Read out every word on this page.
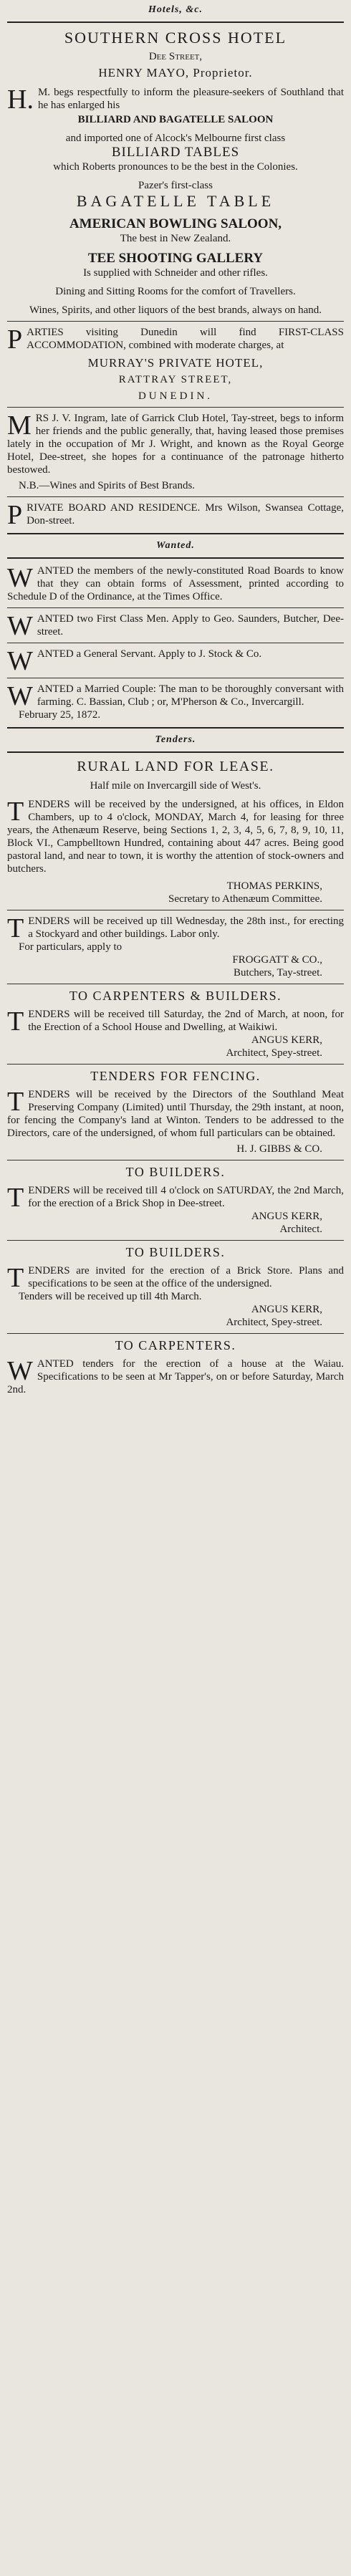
Hotels, &c.
SOUTHERN CROSS HOTEL
Dee Street,
HENRY MAYO, Proprietor.

H. M. begs respectfully to inform the pleasure-seekers of Southland that he has enlarged his

BILLIARD AND BAGATELLE SALOON
and imported one of Alcock's Melbourne first class
BILLIARD TABLES
which Roberts pronounces to be the best in the Colonies.
Pazer's first-class
BAGATELLE TABLE
AMERICAN BOWLING SALOON,
The best in New Zealand.
TEE SHOOTING GALLERY
Is supplied with Schneider and other rifles.
Dining and Sitting Rooms for the comfort of Travellers.
Wines, Spirits, and other liquors of the best brands, always on hand.

PARTIES visiting Dunedin will find FIRST-CLASS ACCOMMODATION, combined with moderate charges, at

MURRAY'S PRIVATE HOTEL,
RATTRAY STREET,
DUNEDIN.

MRS J. V. Ingram, late of Garrick Club Hotel, Tay-street, begs to inform her friends and the public generally, that, having leased those premises lately in the occupation of Mr J. Wright, and known as the Royal George Hotel, Dee-street, she hopes for a continuance of the patronage hitherto bestowed.

N.B.—Wines and Spirits of Best Brands.

PRIVATE BOARD AND RESIDENCE. Mrs Wilson, Swansea Cottage, Don-street.

Wanted.

WANTED the members of the newly-constituted Road Boards to know that they can obtain forms of Assessment, printed according to Schedule D of the Ordinance, at the Times Office.

WANTED two First Class Men. Apply to Geo. Saunders, Butcher, Dee-street.

WANTED a General Servant. Apply to J. Stock & Co.

WANTED a Married Couple: The man to be thoroughly conversant with farming. C. Bassian, Club ; or, M'Pherson & Co., Invercargill.

February 25, 1872.

Tenders.
RURAL LAND FOR LEASE.
Half mile on Invercargill side of West's.

TENDERS will be received by the undersigned, at his offices, in Eldon Chambers, up to 4 o'clock, MONDAY, March 4, for leasing for three years, the Athenæum Reserve, being Sections 1, 2, 3, 4, 5, 6, 7, 8, 9, 10, 11, Block VI., Campbelltown Hundred, containing about 447 acres. Being good pastoral land, and near to town, it is worthy the attention of stock-owners and butchers.

THOMAS PERKINS,
Secretary to Athenæum Committee.

TENDERS will be received up till Wednesday, the 28th inst., for erecting a Stockyard and other buildings. Labor only.

For particulars, apply to

FROGGATT & CO.,
Butchers, Tay-street.
TO CARPENTERS & BUILDERS.

TENDERS will be received till Saturday, the 2nd of March, at noon, for the Erection of a School House and Dwelling, at Waikiwi.

ANGUS KERR,
Architect, Spey-street.
TENDERS FOR FENCING.

TENDERS will be received by the Directors of the Southland Meat Preserving Company (Limited) until Thursday, the 29th instant, at noon, for fencing the Company's land at Winton. Tenders to be addressed to the Directors, care of the undersigned, of whom full particulars can be obtained.

H. J. GIBBS & CO.
TO BUILDERS.

TENDERS will be received till 4 o'clock on SATURDAY, the 2nd March, for the erection of a Brick Shop in Dee-street.

ANGUS KERR,
Architect.
TO BUILDERS.

TENDERS are invited for the erection of a Brick Store. Plans and specifications to be seen at the office of the undersigned.

Tenders will be received up till 4th March.

ANGUS KERR,
Architect, Spey-street.
TO CARPENTERS.

WANTED tenders for the erection of a house at the Waiau. Specifications to be seen at Mr Tapper's, on or before Saturday, March 2nd.
